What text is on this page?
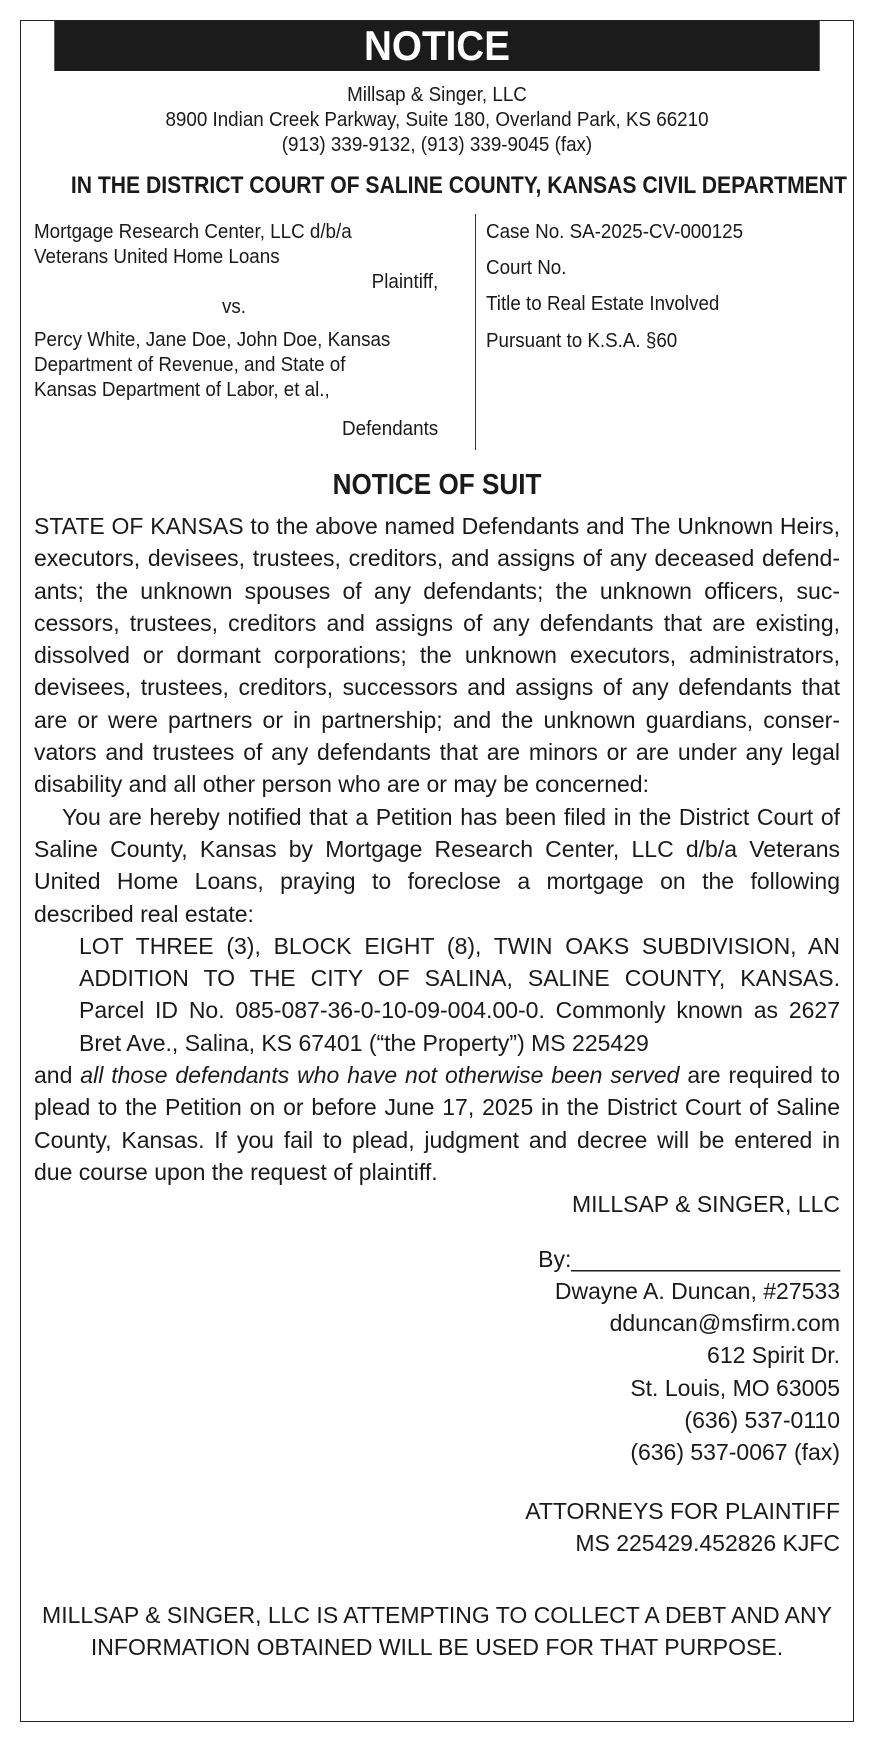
NOTICE
Millsap & Singer, LLC
8900 Indian Creek Parkway, Suite 180, Overland Park, KS 66210
(913) 339-9132, (913) 339-9045 (fax)
IN THE DISTRICT COURT OF SALINE COUNTY, KANSAS CIVIL DEPARTMENT
Mortgage Research Center, LLC d/b/a
Veterans United Home Loans
Plaintiff,
vs.
Percy White, Jane Doe, John Doe, Kansas
Department of Revenue, and State of
Kansas Department of Labor, et al.,
Defendants
Case No. SA-2025-CV-000125
Court No.
Title to Real Estate Involved
Pursuant to K.S.A. §60
NOTICE OF SUIT

STATE OF KANSAS to the above named Defendants and The Unknown Heirs, executors, devisees, trustees, creditors, and assigns of any deceased defendants; the unknown spouses of any defendants; the unknown officers, successors, trustees, creditors and assigns of any defendants that are existing, dissolved or dormant corporations; the unknown executors, administrators, devisees, trustees, creditors, successors and assigns of any defendants that are or were partners or in partnership; and the unknown guardians, conservators and trustees of any defendants that are minors or are under any legal disability and all other person who are or may be concerned:

You are hereby notified that a Petition has been filed in the District Court of Saline County, Kansas by Mortgage Research Center, LLC d/b/a Veterans United Home Loans, praying to foreclose a mortgage on the following described real estate:

LOT THREE (3), BLOCK EIGHT (8), TWIN OAKS SUBDIVISION, AN ADDITION TO THE CITY OF SALINA, SALINE COUNTY, KANSAS. Parcel ID No. 085-087-36-0-10-09-004.00-0. Commonly known as 2627 Bret Ave., Salina, KS 67401 (“the Property”) MS 225429

and all those defendants who have not otherwise been served are required to plead to the Petition on or before June 17, 2025 in the District Court of Saline County, Kansas. If you fail to plead, judgment and decree will be entered in due course upon the request of plaintiff.

MILLSAP & SINGER, LLC
By:_____________________
Dwayne A. Duncan, #27533
dduncan@msfirm.com
612 Spirit Dr.
St. Louis, MO 63005
(636) 537-0110
(636) 537-0067 (fax)
ATTORNEYS FOR PLAINTIFF
MS 225429.452826 KJFC
MILLSAP & SINGER, LLC IS ATTEMPTING TO COLLECT A DEBT AND ANY
INFORMATION OBTAINED WILL BE USED FOR THAT PURPOSE.
